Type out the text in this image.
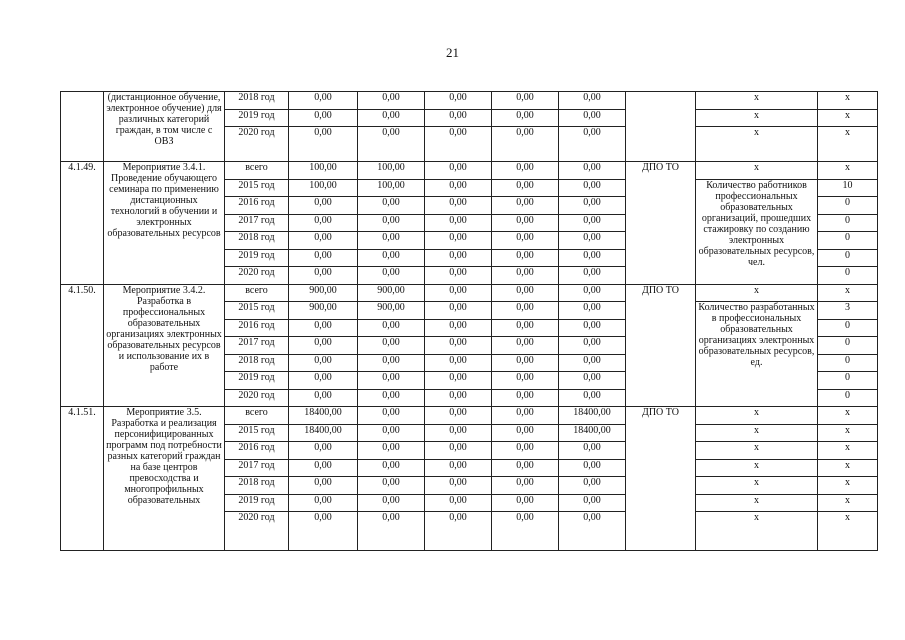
21
	(дистанционное обучение, электронное обучение) для различных категорий граждан, в том числе с ОВЗ	2018 год	0,00	0,00	0,00	0,00	0,00		х	х
		2019 год	0,00	0,00	0,00	0,00	0,00		х	х
		2020 год	0,00	0,00	0,00	0,00	0,00		х	х
4.1.49.	Мероприятие 3.4.1. Проведение обучающего семинара по применению дистанционных технологий в обучении и электронных образовательных ресурсов	всего	100,00	100,00	0,00	0,00	0,00	ДПО ТО	х	х
		2015 год	100,00	100,00	0,00	0,00	0,00		Количество работников профессиональных образовательных организаций, прошедших стажировку по созданию электронных образовательных ресурсов, чел.	10
		2016 год	0,00	0,00	0,00	0,00	0,00			0
		2017 год	0,00	0,00	0,00	0,00	0,00			0
		2018 год	0,00	0,00	0,00	0,00	0,00			0
		2019 год	0,00	0,00	0,00	0,00	0,00			0
		2020 год	0,00	0,00	0,00	0,00	0,00			0
4.1.50.	Мероприятие 3.4.2. Разработка в профессиональных образовательных организациях электронных образовательных ресурсов и использование их в работе	всего	900,00	900,00	0,00	0,00	0,00	ДПО ТО	х	х
		2015 год	900,00	900,00	0,00	0,00	0,00		Количество разработанных в профессиональных образовательных организациях электронных образовательных ресурсов, ед.	3
		2016 год	0,00	0,00	0,00	0,00	0,00			0
		2017 год	0,00	0,00	0,00	0,00	0,00			0
		2018 год	0,00	0,00	0,00	0,00	0,00			0
		2019 год	0,00	0,00	0,00	0,00	0,00			0
		2020 год	0,00	0,00	0,00	0,00	0,00			0
4.1.51.	Мероприятие 3.5. Разработка и реализация персонифицированных программ под потребности разных категорий граждан на базе центров превосходства и многопрофильных образовательных	всего	18400,00	0,00	0,00	0,00	18400,00	ДПО ТО	х	х
		2015 год	18400,00	0,00	0,00	0,00	18400,00		х	х
		2016 год	0,00	0,00	0,00	0,00	0,00		х	х
		2017 год	0,00	0,00	0,00	0,00	0,00		х	х
		2018 год	0,00	0,00	0,00	0,00	0,00		х	х
		2019 год	0,00	0,00	0,00	0,00	0,00		х	х
		2020 год	0,00	0,00	0,00	0,00	0,00		х	х
